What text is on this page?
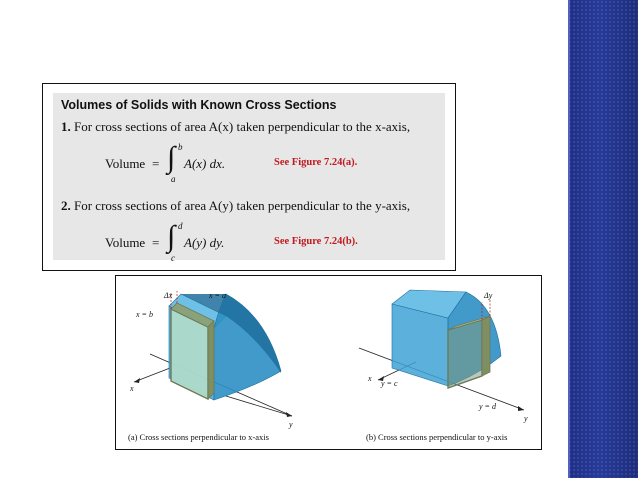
Volumes of Solids with Known Cross Sections
1. For cross sections of area A(x) taken perpendicular to the x-axis,
Volume = ∫ b
a
A(x) dx.	See Figure 7.24(a).
2. For cross sections of area A(y) taken perpendicular to the y-axis,
Volume = ∫ d
c
A(y) dy.	See Figure 7.24(b).
Δx	x = a
x = b
x
y
(a) Cross sections perpendicular to x-axis
Δy
x
y = c
y = d
y
(b) Cross sections perpendicular to y-axis
